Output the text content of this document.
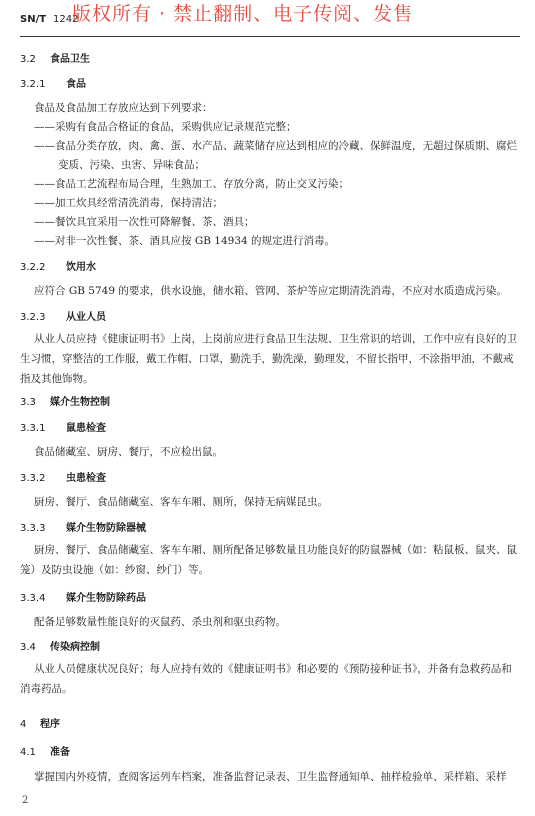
SN/T 1242
版权所有 · 禁止翻制、电子传阅、发售
3.2 食品卫生
3.2.1 食品
食品及食品加工存放应达到下列要求：
——采购有食品合格证的食品，采购供应记录规范完整；
——食品分类存放，肉、禽、蛋、水产品、蔬菜储存应达到相应的冷藏、保鲜温度，无超过保质期、腐烂
变质、污染、虫害、异味食品；
——食品工艺流程布局合理，生熟加工、存放分离，防止交叉污染；
——加工炊具经常清洗消毒，保持清洁；
——餐饮具宜采用一次性可降解餐、茶、酒具；
——对非一次性餐、茶、酒具应按 GB 14934 的规定进行消毒。
3.2.2 饮用水
应符合 GB 5749 的要求，供水设施，储水箱、管网、茶炉等应定期清洗消毒，不应对水质造成污染。
3.2.3 从业人员
从业人员应持《健康证明书》上岗，上岗前应进行食品卫生法规、卫生常识的培训，工作中应有良好的卫生习惯，穿整洁的工作服，戴工作帽、口罩，勤洗手，勤洗澡，勤理发，不留长指甲，不涂指甲油，不戴戒指及其他饰物。
3.3 媒介生物控制
3.3.1 鼠患检查
食品储藏室、厨房、餐厅，不应检出鼠。
3.3.2 虫患检查
厨房、餐厅、食品储藏室、客车车厢、厕所，保持无病媒昆虫。
3.3.3 媒介生物防除器械
厨房、餐厅、食品储藏室、客车车厢、厕所配备足够数量且功能良好的防鼠器械（如：粘鼠板、鼠夹、鼠笼）及防虫设施（如：纱窗、纱门）等。
3.3.4 媒介生物防除药品
配备足够数量性能良好的灭鼠药、杀虫剂和驱虫药物。
3.4 传染病控制
从业人员健康状况良好；每人应持有效的《健康证明书》和必要的《预防接种证书》，并备有急救药品和消毒药品。
4 程序
4.1 准备
掌握国内外疫情，查阅客运列车档案，准备监督记录表、卫生监督通知单、抽样检验单、采样箱、采样
2
